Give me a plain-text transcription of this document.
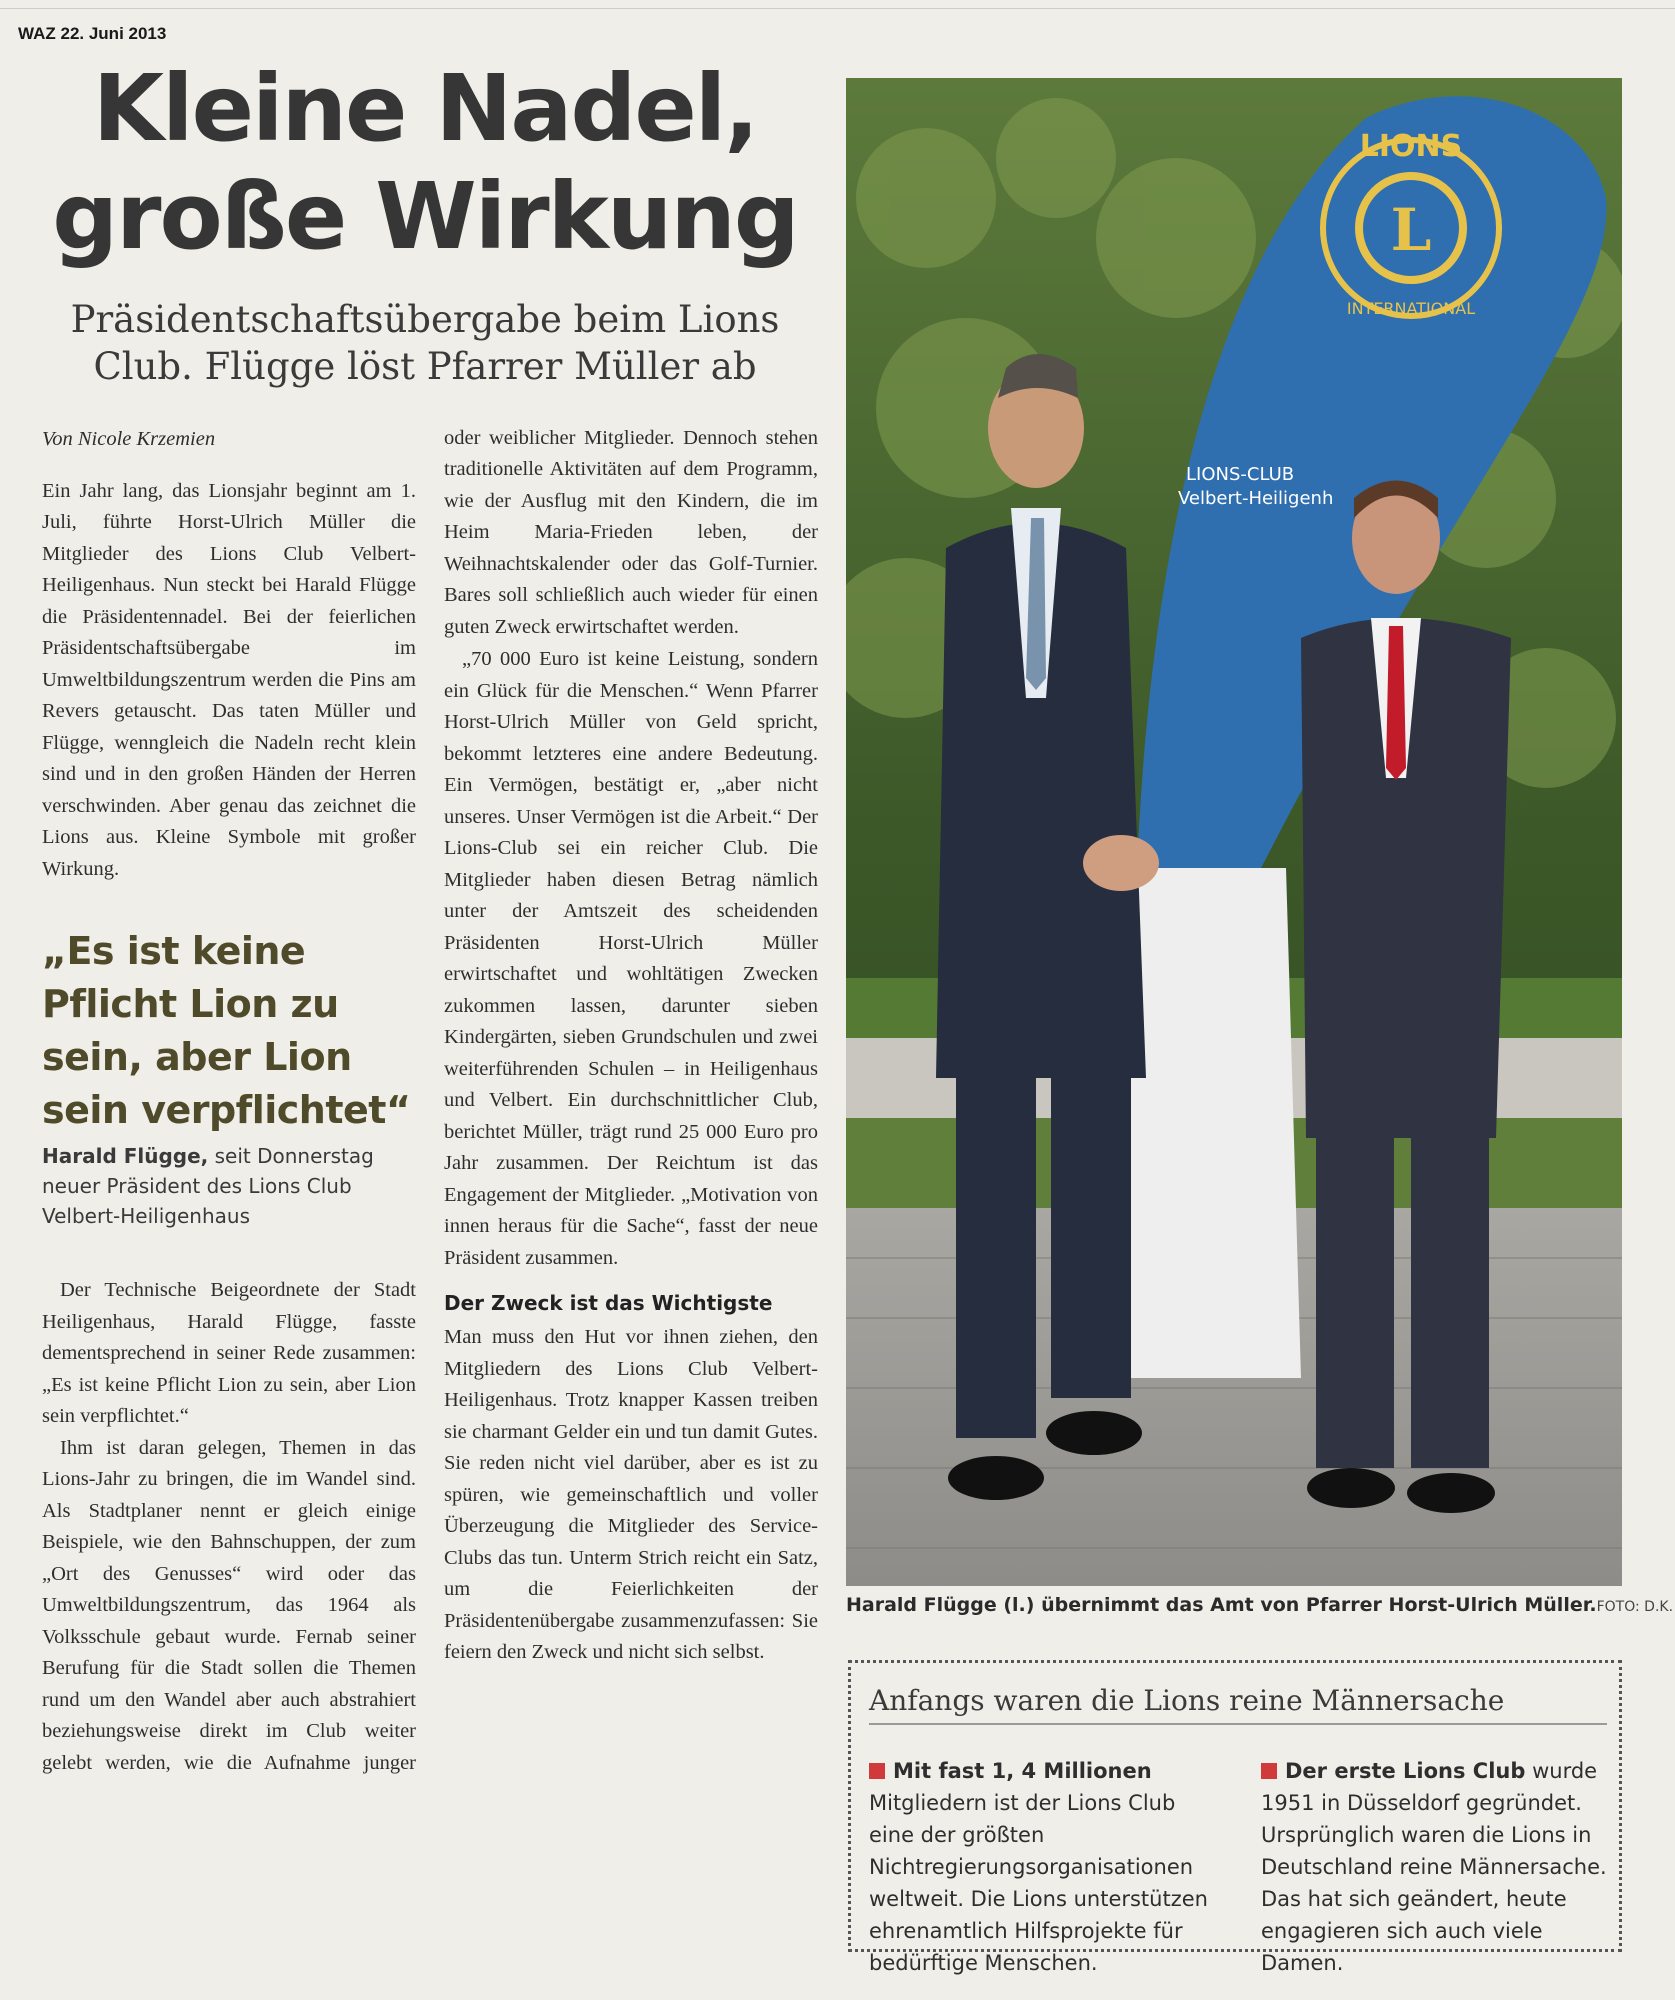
WAZ 22. Juni 2013
Kleine Nadel,
große Wirkung
Präsidentschaftsübergabe beim Lions
Club. Flügge löst Pfarrer Müller ab

Von Nicole Krzemien

Ein Jahr lang, das Lionsjahr beginnt am 1. Juli, führte Horst-Ulrich Müller die Mitglieder des Lions Club Velbert-Heiligenhaus. Nun steckt bei Harald Flügge die Präsidentennadel. Bei der feierlichen Präsidentschaftsübergabe im Umweltbildungszentrum werden die Pins am Revers getauscht. Das taten Müller und Flügge, wenngleich die Nadeln recht klein sind und in den großen Händen der Herren verschwinden. Aber genau das zeichnet die Lions aus. Kleine Symbole mit großer Wirkung.

„Es ist keine Pflicht Lion zu sein, aber Lion sein verpflichtet“

Harald Flügge, seit Donnerstag neuer Präsident des Lions Club Velbert-Heiligenhaus

Der Technische Beigeordnete der Stadt Heiligenhaus, Harald Flügge, fasste dementsprechend in seiner Rede zusammen: „Es ist keine Pflicht Lion zu sein, aber Lion sein verpflichtet.“

Ihm ist daran gelegen, Themen in das Lions-Jahr zu bringen, die im Wandel sind. Als Stadtplaner nennt er gleich einige Beispiele, wie den Bahnschuppen, der zum „Ort des Genusses“ wird oder das Umweltbildungszentrum, das 1964 als Volksschule gebaut wurde. Fernab seiner Berufung für die Stadt sollen die Themen rund um den Wandel aber auch abstrahiert beziehungsweise direkt im Club weiter gelebt werden, wie die Aufnahme junger

oder weiblicher Mitglieder. Dennoch stehen traditionelle Aktivitäten auf dem Programm, wie der Ausflug mit den Kindern, die im Heim Maria-Frieden leben, der Weihnachtskalender oder das Golf-Turnier. Bares soll schließlich auch wieder für einen guten Zweck erwirtschaftet werden.

„70 000 Euro ist keine Leistung, sondern ein Glück für die Menschen.“ Wenn Pfarrer Horst-Ulrich Müller von Geld spricht, bekommt letzteres eine andere Bedeutung. Ein Vermögen, bestätigt er, „aber nicht unseres. Unser Vermögen ist die Arbeit.“ Der Lions-Club sei ein reicher Club. Die Mitglieder haben diesen Betrag nämlich unter der Amtszeit des scheidenden Präsidenten Horst-Ulrich Müller erwirtschaftet und wohltätigen Zwecken zukommen lassen, darunter sieben Kindergärten, sieben Grundschulen und zwei weiterführenden Schulen – in Heiligenhaus und Velbert. Ein durchschnittlicher Club, berichtet Müller, trägt rund 25 000 Euro pro Jahr zusammen. Der Reichtum ist das Engagement der Mitglieder. „Motivation von innen heraus für die Sache“, fasst der neue Präsident zusammen.

Der Zweck ist das Wichtigste

Man muss den Hut vor ihnen ziehen, den Mitgliedern des Lions Club Velbert-Heiligenhaus. Trotz knapper Kassen treiben sie charmant Gelder ein und tun damit Gutes. Sie reden nicht viel darüber, aber es ist zu spüren, wie gemeinschaftlich und voller Überzeugung die Mitglieder des Service-Clubs das tun. Unterm Strich reicht ein Satz, um die Feierlichkeiten der Präsidentenübergabe zusammenzufassen: Sie feiern den Zweck und nicht sich selbst.

L
LIONS
INTERNATIONAL
LIONS-CLUB
Velbert-Heiligenh
Harald Flügge (l.) übernimmt das Amt von Pfarrer Horst-Ulrich Müller. FOTO: D.K.
Anfangs waren die Lions reine Männersache
Mit fast 1, 4 Millionen Mitgliedern ist der Lions Club eine der größten Nichtregierungsorganisationen weltweit. Die Lions unterstützen ehrenamtlich Hilfsprojekte für bedürftige Menschen.
Der erste Lions Club wurde 1951 in Düsseldorf gegründet. Ursprünglich waren die Lions in Deutschland reine Männersache. Das hat sich geändert, heute engagieren sich auch viele Damen.
